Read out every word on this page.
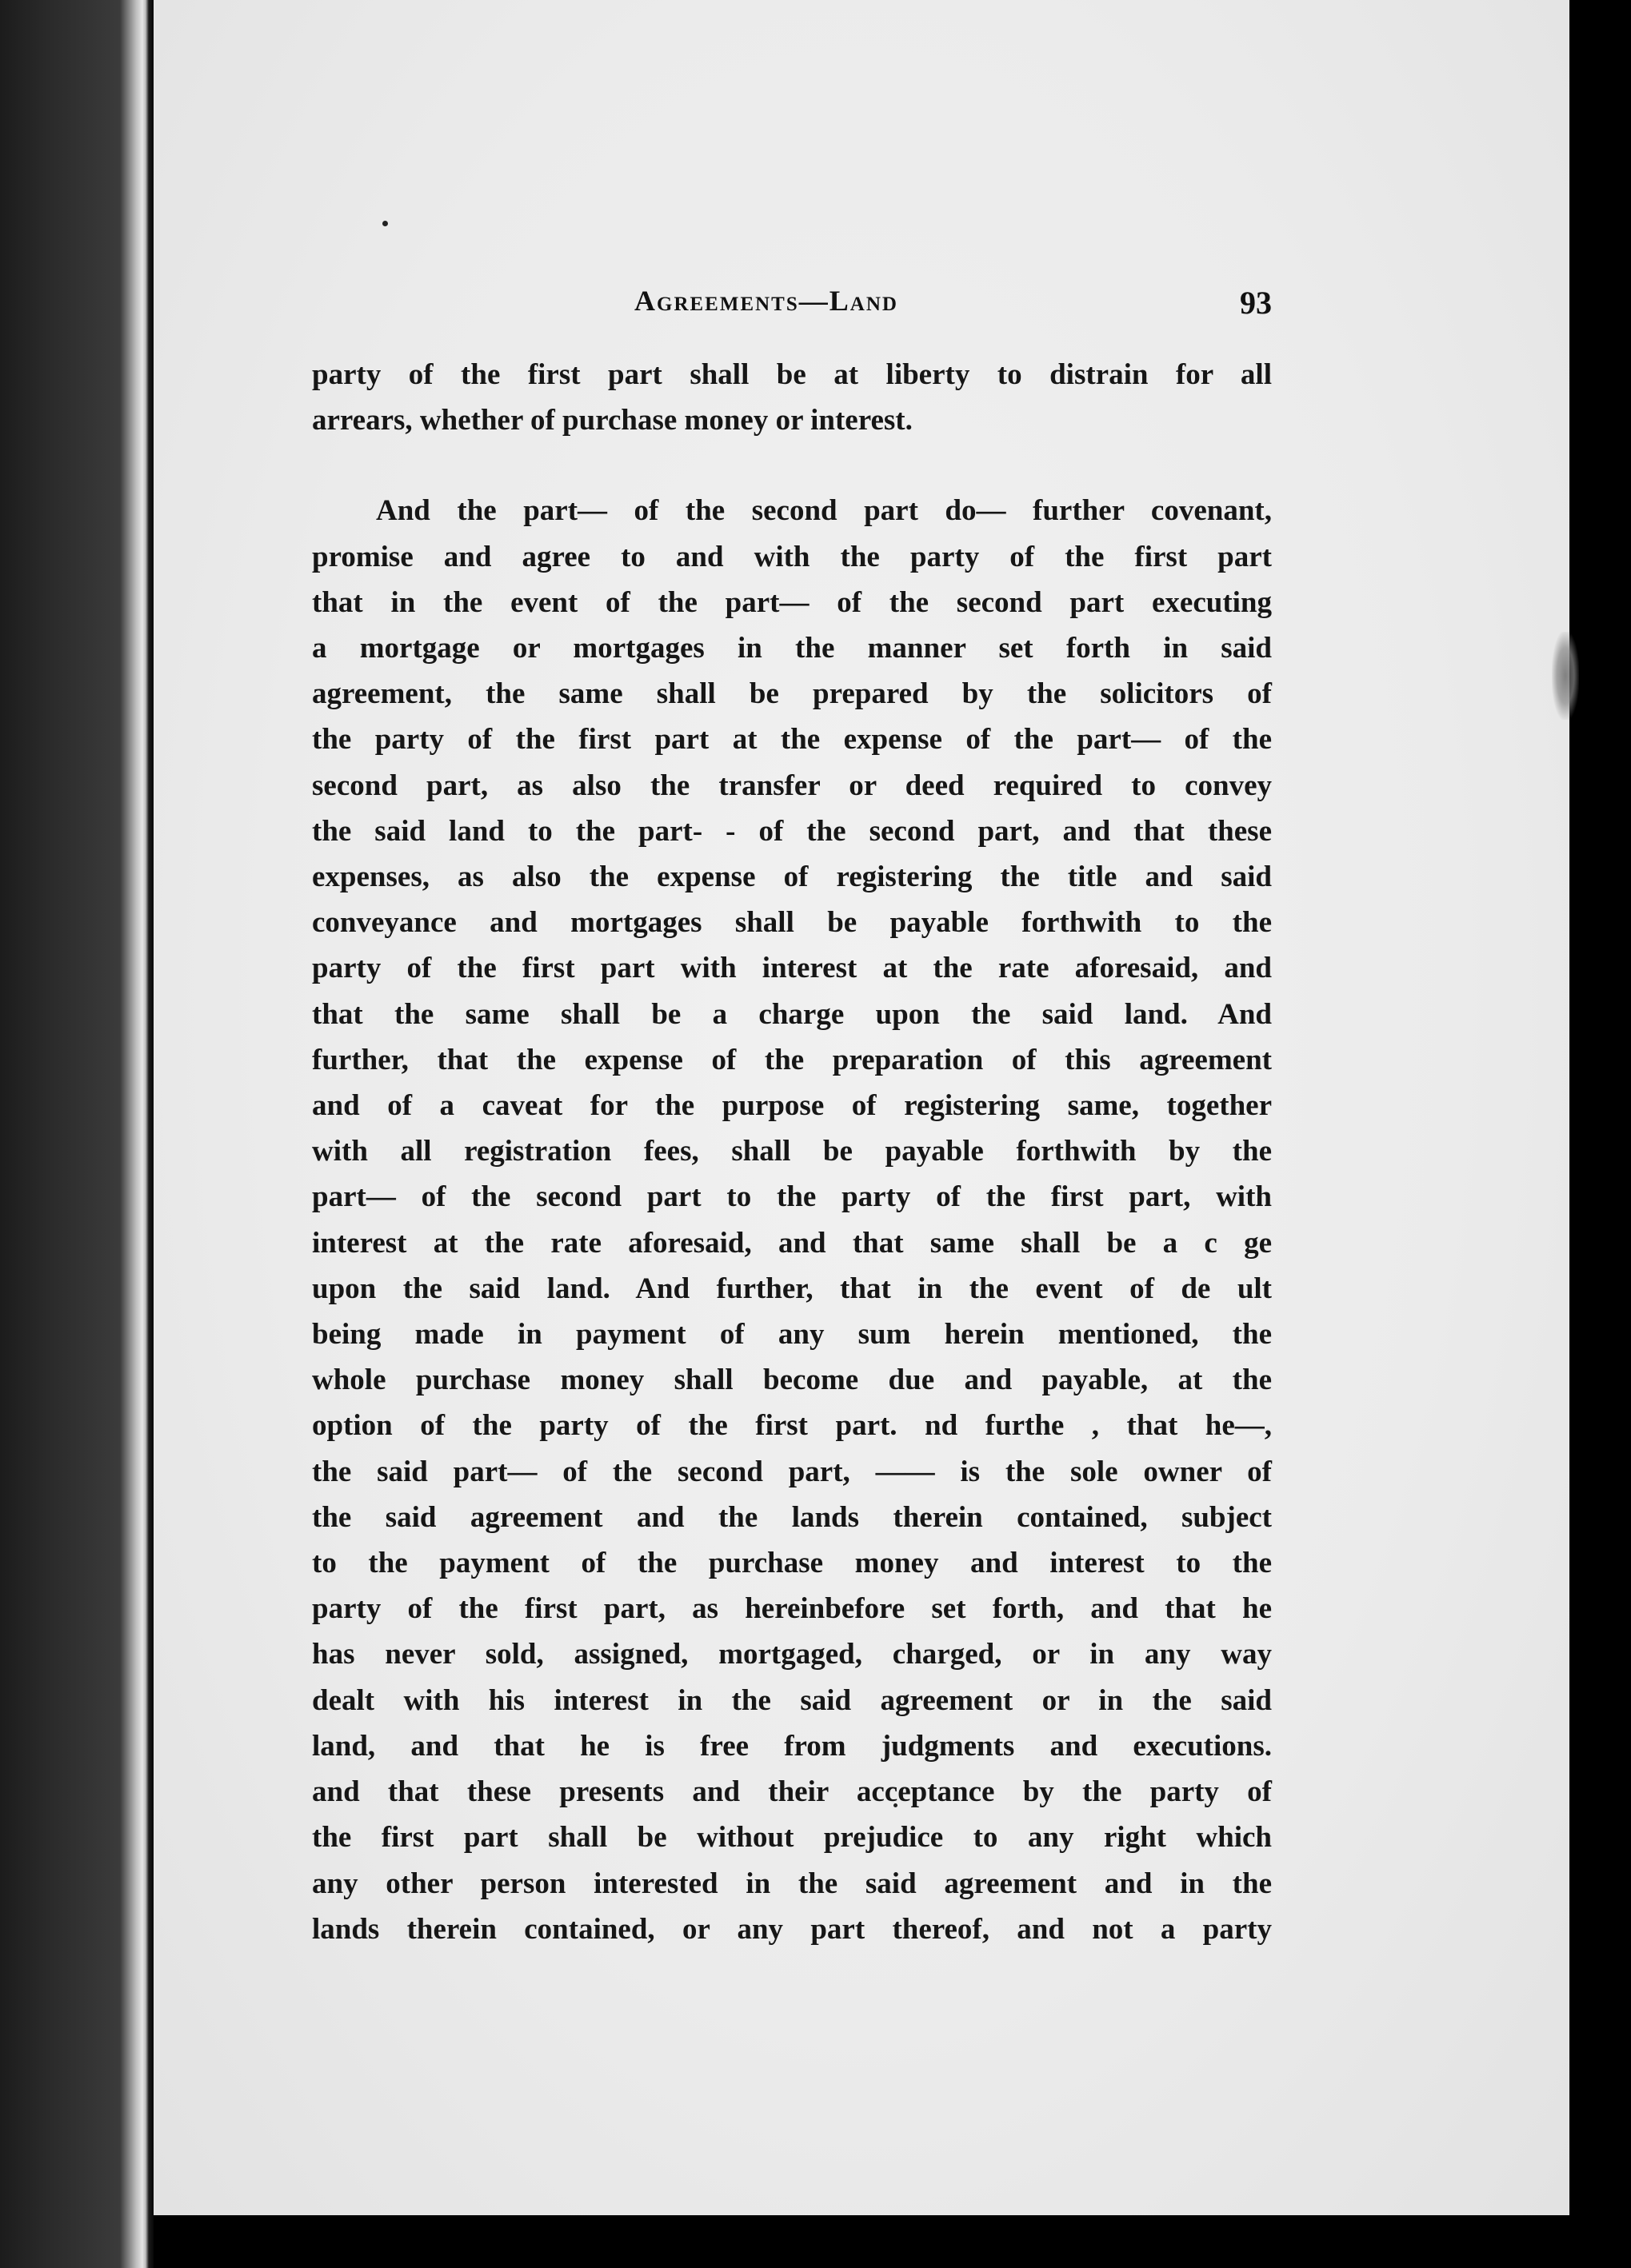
Agreements—Land	93
party of the first part shall be at liberty to distrain for all
arrears, whether of purchase money or interest.
And the part— of the second part do— further covenant,
promise and agree to and with the party of the first part
that in the event of the part— of the second part executing
a mortgage or mortgages in the manner set forth in said
agreement, the same shall be prepared by the solicitors of
the party of the first part at the expense of the part— of the
second part, as also the transfer or deed required to convey
the said land to the part- - of the second part, and that these
expenses, as also the expense of registering the title and said
conveyance and mortgages shall be payable forthwith to the
party of the first part with interest at the rate aforesaid, and
that the same shall be a charge upon the said land. And
further, that the expense of the preparation of this agreement
and of a caveat for the purpose of registering same, together
with all registration fees, shall be payable forthwith by the
part— of the second part to the party of the first part, with
interest at the rate aforesaid, and that same shall be a c ge
upon the said land. And further, that in the event of de ult
being made in payment of any sum herein mentioned, the
whole purchase money shall become due and payable, at the
option of the party of the first part. nd furthe , that he—,
the said part— of the second part, —— is the sole owner of
the said agreement and the lands therein contained, subject
to the payment of the purchase money and interest to the
party of the first part, as hereinbefore set forth, and that he
has never sold, assigned, mortgaged, charged, or in any way
dealt with his interest in the said agreement or in the said
land, and that he is free from judgments and executions.
and that these presents and their acceptance by the party of
the first part shall be without prejudice to any right which
any other person interested in the said agreement and in the
lands therein contained, or any part thereof, and not a party
